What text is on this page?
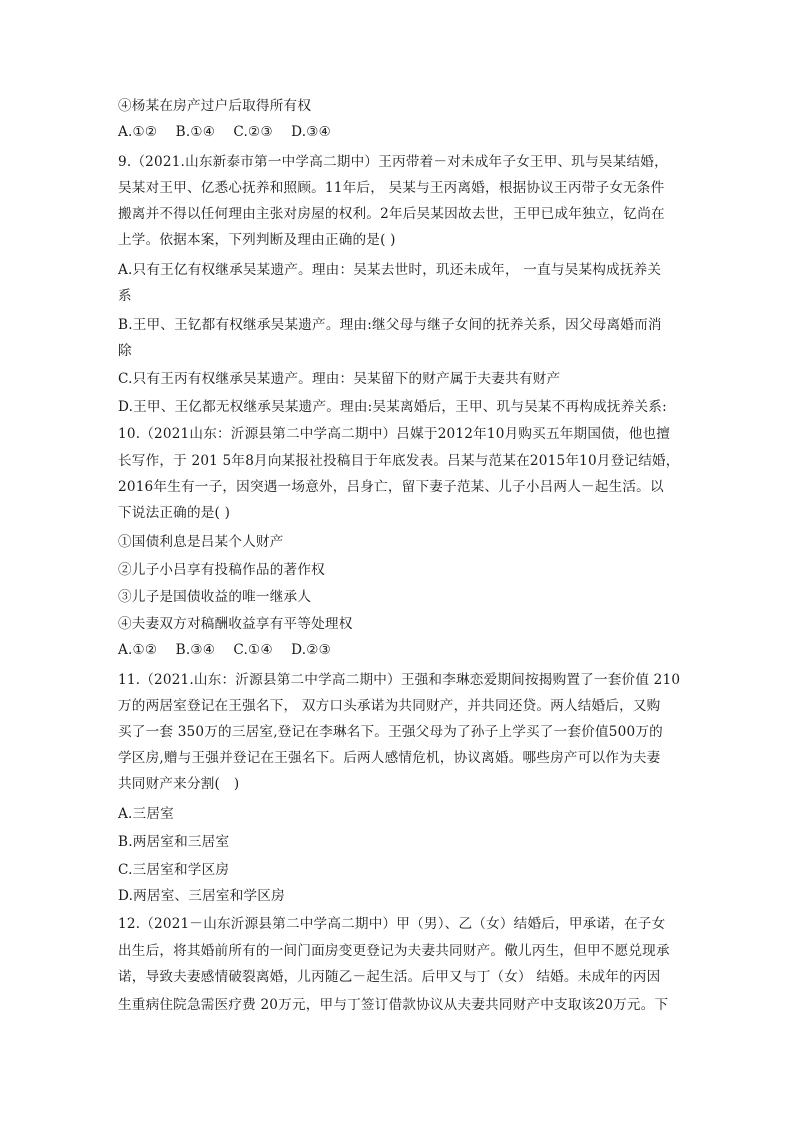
④杨某在房产过户后取得所有权
A.①②　 B.①④　 C.②③　 D.③④
9.（2021.山东新泰市第一中学高二期中）王丙带着－对未成年子女王甲、玑与吴某结婚，
吴某对王甲、亿悉心抚养和照顾。11年后， 吴某与王丙离婚，根据协议王丙带子女无条件
搬离并不得以任何理由主张对房屋的权利。2年后吴某因故去世，王甲已成年独立，钇尚在
上学。依据本案，下列判断及理由正确的是( )
A.只有王亿有权继承吴某遗产。理由：吴某去世时，玑还未成年， 一直与吴某构成抚养关
系
B.王甲、王钇都有权继承吴某遗产。理由:继父母与继子女间的抚养关系，因父母离婚而消
除
C.只有王丙有权继承吴某遗产。理由：吴某留下的财产属于夫妻共有财产
D.王甲、王亿都无权继承吴某遗产。理由:吴某离婚后，王甲、玑与吴某不再构成抚养关系:
10.（2021山东：沂源县第二中学高二期中）吕媒于2012年10月购买五年期国债，他也擅
长写作，于 201 5年8月向某报社投稿目于年底发表。吕某与范某在2015年10月登记结婚，
2016年生有一子，因突遇一场意外，吕身亡，留下妻子范某、儿子小吕两人－起生活。以
下说法正确的是( )
①国债利息是吕某个人财产
②儿子小吕享有投稿作品的著作权
③儿子是国债收益的唯一继承人
④夫妻双方对稿酬收益享有平等处理权
A.①②　 B.③④　 C.①④　 D.②③
11.（2021.山东：沂源县第二中学高二期中）王强和李琳恋爱期间按揭购置了一套价值 210
万的两居室登记在王强名下， 双方口头承诺为共同财产，并共同还贷。两人结婚后，又购
买了一套 350万的三居室,登记在李琳名下。王强父母为了孙子上学买了一套价值500万的
学区房,赠与王强并登记在王强名下。后两人感情危机，协议离婚。哪些房产可以作为夫妻
共同财产来分割(　)
A.三居室
B.两居室和三居室
C.三居室和学区房
D.两居室、三居室和学区房
12.（2021－山东沂源县第二中学高二期中）甲（男）、乙（女）结婚后，甲承诺，在子女
出生后，将其婚前所有的一间门面房变更登记为夫妻共同财产。儆儿丙生，但甲不愿兑现承
诺，导致夫妻感情破裂离婚，儿丙随乙－起生活。后甲又与丁（女） 结婚。未成年的丙因
生重病住院急需医疗费 20万元，甲与丁签订借款协议从夫妻共同财产中支取该20万元。下
